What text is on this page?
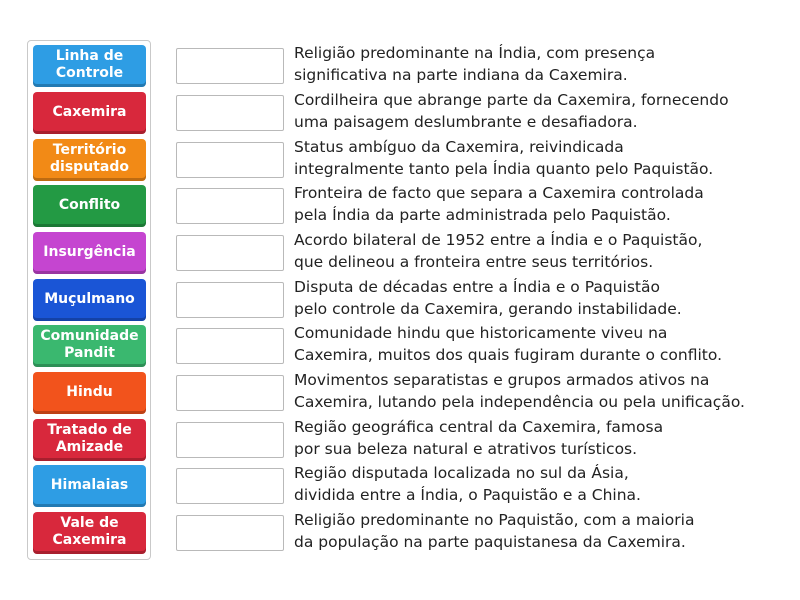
Linha de Controle
Caxemira
Território disputado
Conflito
Insurgência
Muçulmano
Comunidade Pandit
Hindu
Tratado de Amizade
Himalaias
Vale de Caxemira
Religião predominante na Índia, com presença
significativa na parte indiana da Caxemira.
Cordilheira que abrange parte da Caxemira, fornecendo
uma paisagem deslumbrante e desafiadora.
Status ambíguo da Caxemira, reivindicada
integralmente tanto pela Índia quanto pelo Paquistão.
Fronteira de facto que separa a Caxemira controlada
pela Índia da parte administrada pelo Paquistão.
Acordo bilateral de 1952 entre a Índia e o Paquistão,
que delineou a fronteira entre seus territórios.
Disputa de décadas entre a Índia e o Paquistão
pelo controle da Caxemira, gerando instabilidade.
Comunidade hindu que historicamente viveu na
Caxemira, muitos dos quais fugiram durante o conflito.
Movimentos separatistas e grupos armados ativos na
Caxemira, lutando pela independência ou pela unificação.
Região geográfica central da Caxemira, famosa
por sua beleza natural e atrativos turísticos.
Região disputada localizada no sul da Ásia,
dividida entre a Índia, o Paquistão e a China.
Religião predominante no Paquistão, com a maioria
da população na parte paquistanesa da Caxemira.
